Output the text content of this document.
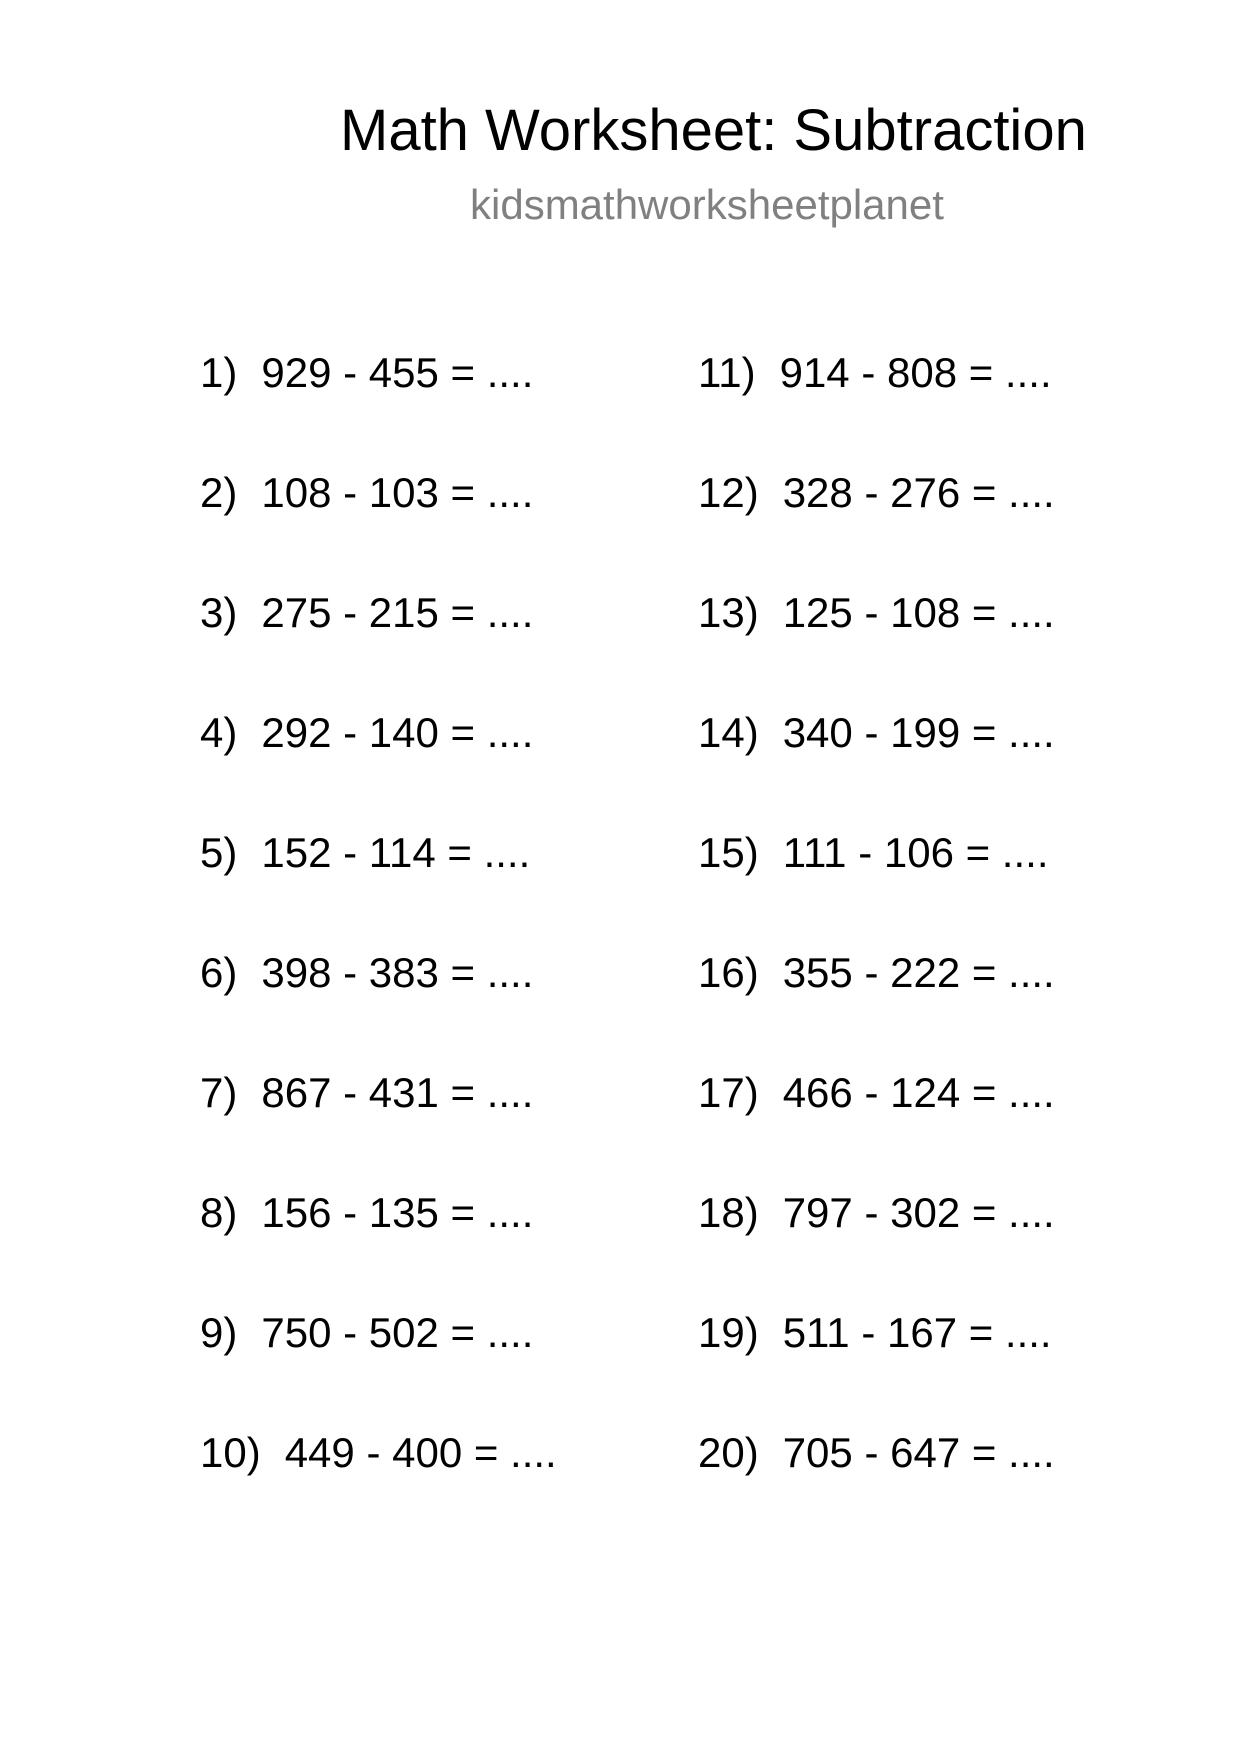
Math Worksheet: Subtraction
kidsmathworksheetplanet
1) 929 - 455 = ....
2) 108 - 103 = ....
3) 275 - 215 = ....
4) 292 - 140 = ....
5) 152 - 114 = ....
6) 398 - 383 = ....
7) 867 - 431 = ....
8) 156 - 135 = ....
9) 750 - 502 = ....
10) 449 - 400 = ....
11) 914 - 808 = ....
12) 328 - 276 = ....
13) 125 - 108 = ....
14) 340 - 199 = ....
15) 111 - 106 = ....
16) 355 - 222 = ....
17) 466 - 124 = ....
18) 797 - 302 = ....
19) 511 - 167 = ....
20) 705 - 647 = ....
